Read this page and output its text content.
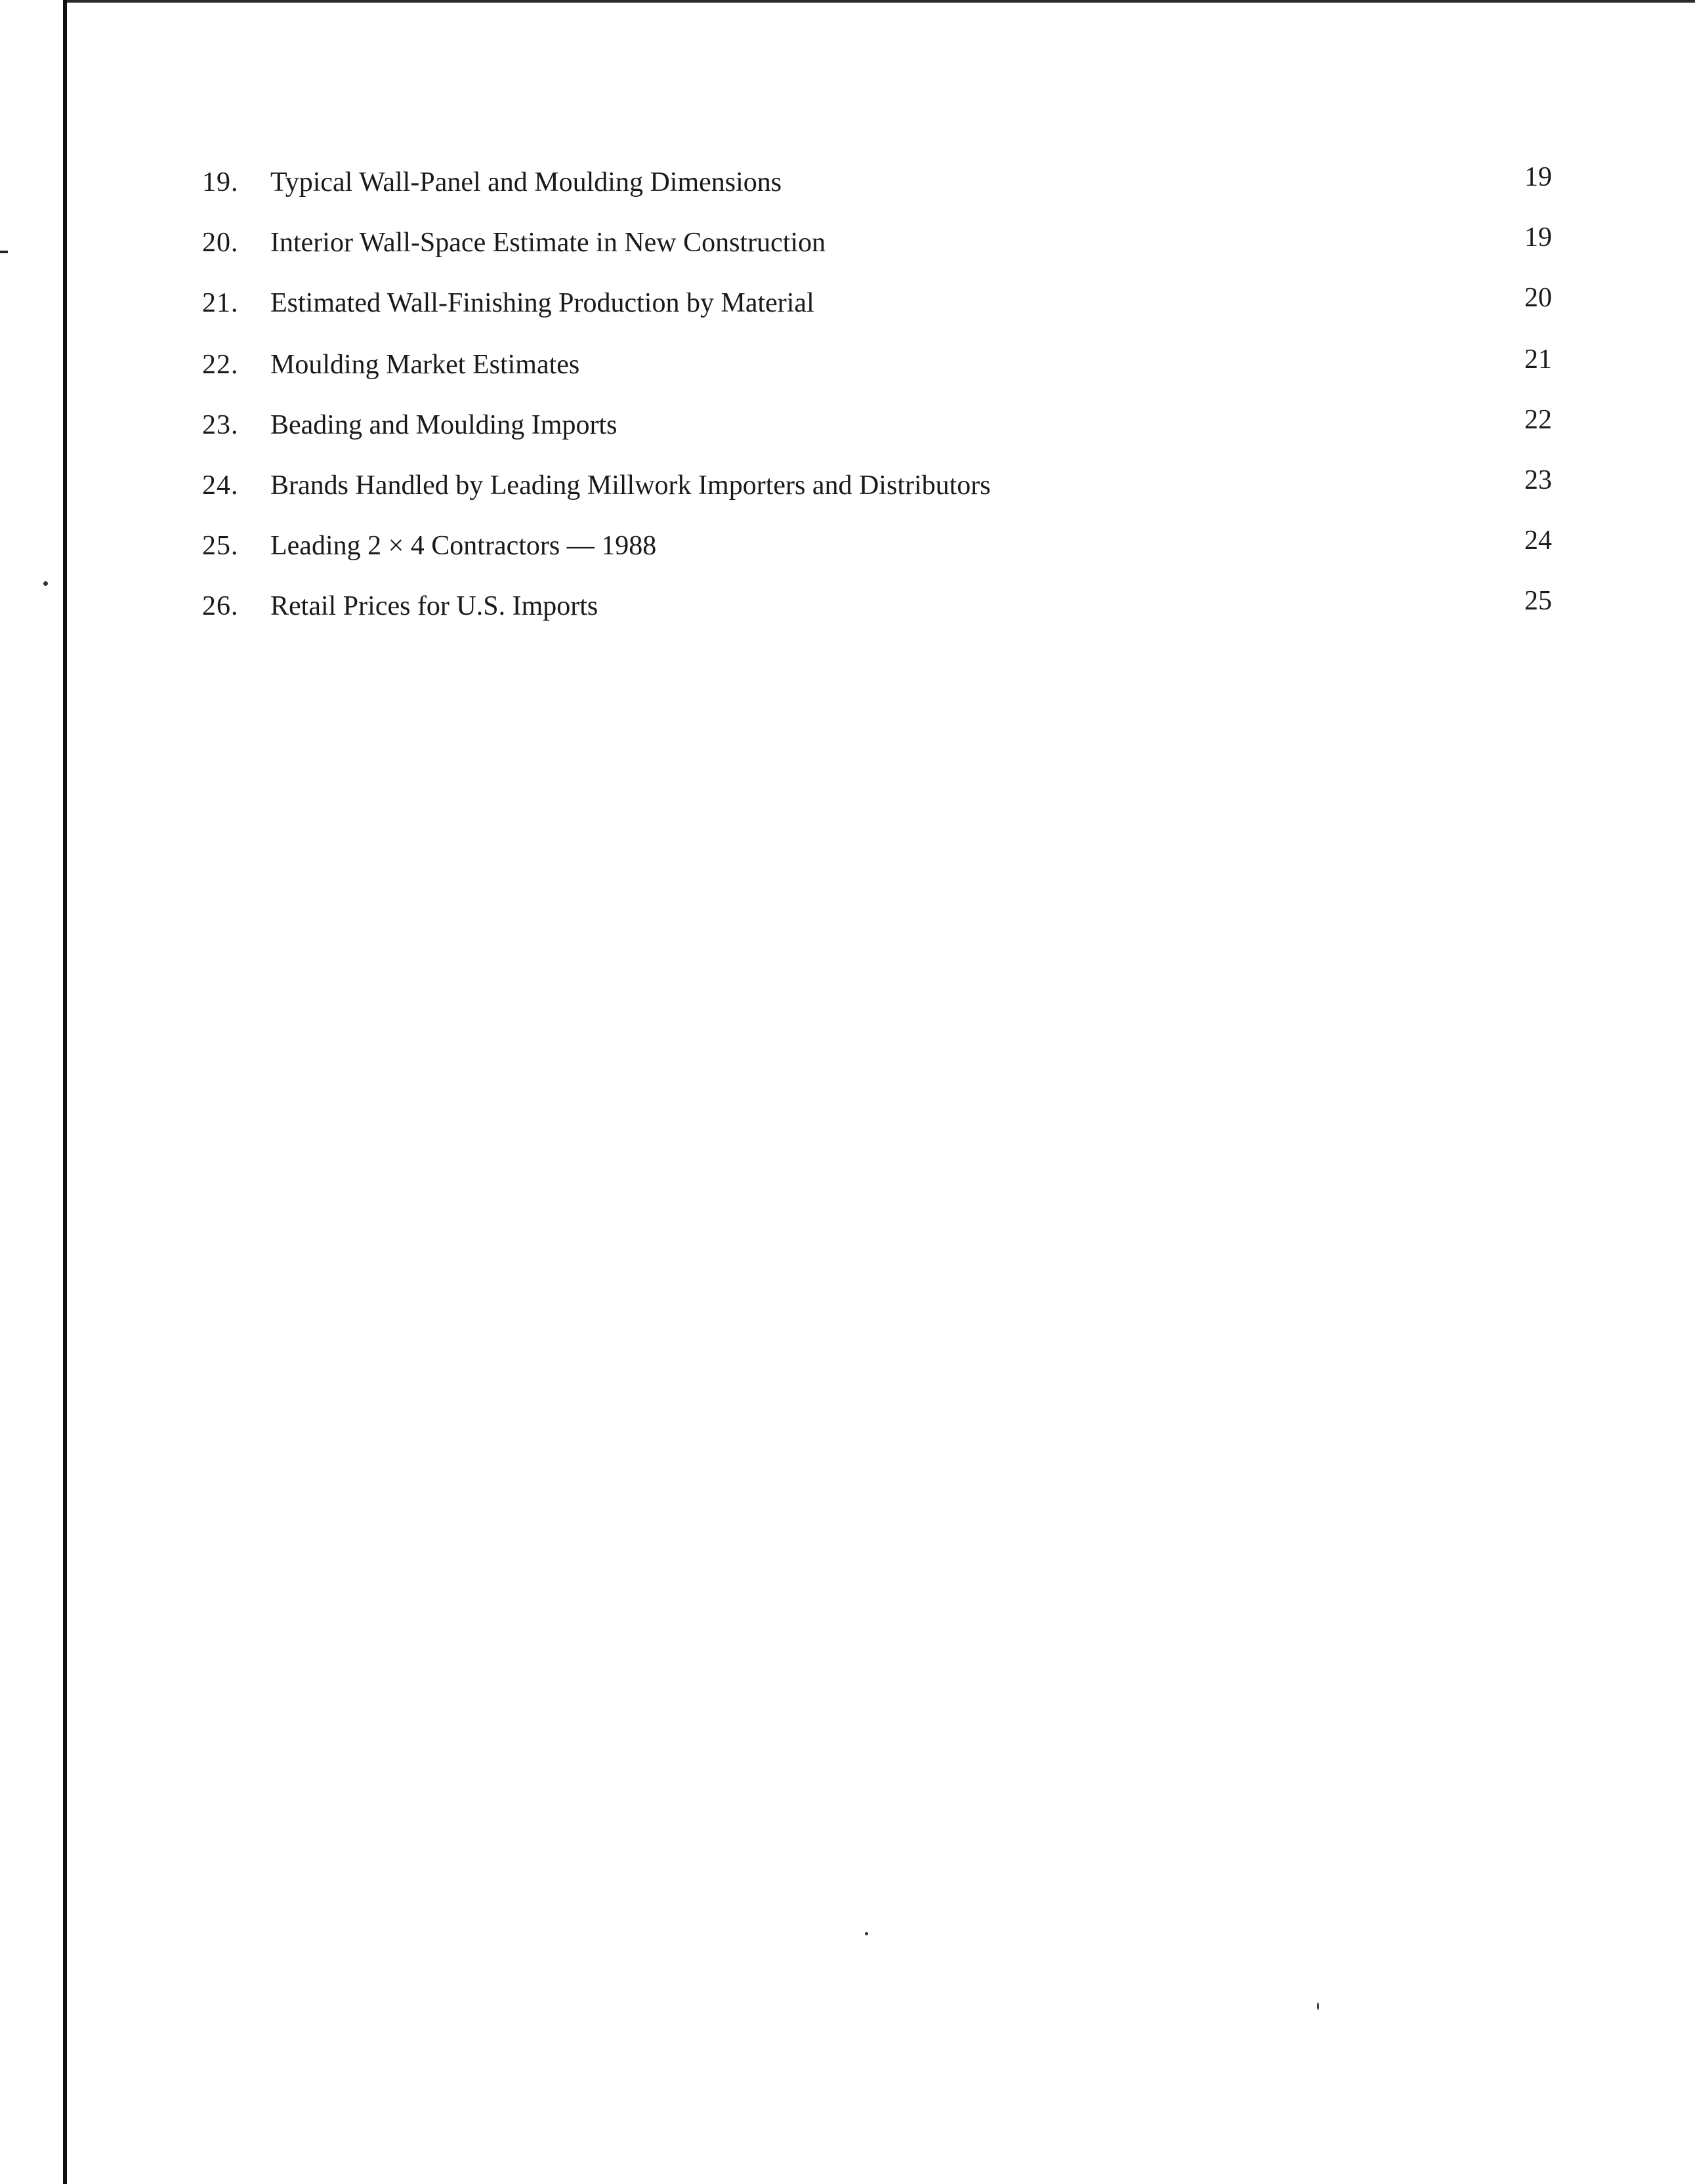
19. Typical Wall-Panel and Moulding Dimensions	19
20. Interior Wall-Space Estimate in New Construction	19
21. Estimated Wall-Finishing Production by Material	20
22. Moulding Market Estimates	21
23. Beading and Moulding Imports	22
24. Brands Handled by Leading Millwork Importers and Distributors	23
25. Leading 2 × 4 Contractors — 1988	24
26. Retail Prices for U.S. Imports	25
